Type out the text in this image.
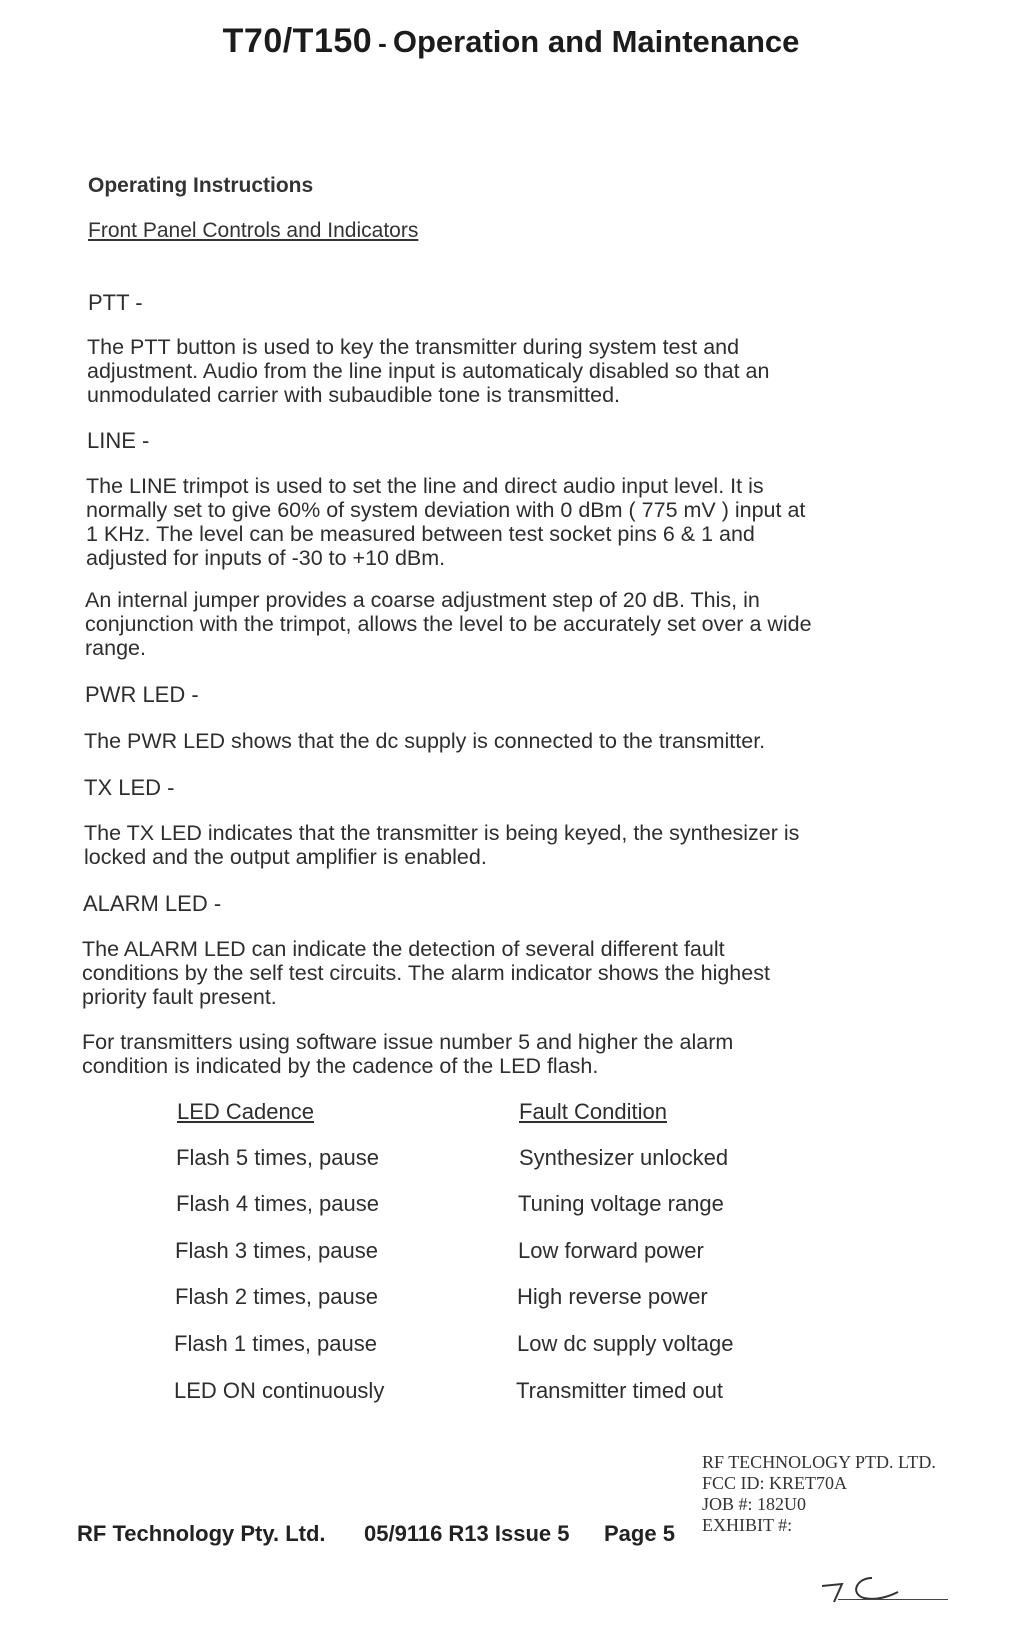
T70/T150 - Operation and Maintenance
Operating Instructions
Front Panel Controls and Indicators
PTT -
The PTT button is used to key the transmitter during system test and
adjustment. Audio from the line input is automaticaly disabled so that an
unmodulated carrier with subaudible tone is transmitted.
LINE -
The LINE trimpot is used to set the line and direct audio input level. It is
normally set to give 60% of system deviation with 0 dBm ( 775 mV ) input at
1 KHz. The level can be measured between test socket pins 6 & 1 and
adjusted for inputs of -30 to +10 dBm.
An internal jumper provides a coarse adjustment step of 20 dB. This, in
conjunction with the trimpot, allows the level to be accurately set over a wide
range.
PWR LED -
The PWR LED shows that the dc supply is connected to the transmitter.
TX LED -
The TX LED indicates that the transmitter is being keyed, the synthesizer is
locked and the output amplifier is enabled.
ALARM LED -
The ALARM LED can indicate the detection of several different fault
conditions by the self test circuits. The alarm indicator shows the highest
priority fault present.
For transmitters using software issue number 5 and higher the alarm
condition is indicated by the cadence of the LED flash.
LED Cadence	Fault Condition
Flash 5 times, pause	Synthesizer unlocked
Flash 4 times, pause	Tuning voltage range
Flash 3 times, pause	Low forward power
Flash 2 times, pause	High reverse power
Flash 1 times, pause	Low dc supply voltage
LED ON continuously	Transmitter timed out
RF TECHNOLOGY PTD. LTD.
FCC ID: KRET70A
JOB #: 182U0
EXHIBIT #:
RF Technology Pty. Ltd. 05/9116 R13 Issue 5 Page 5
